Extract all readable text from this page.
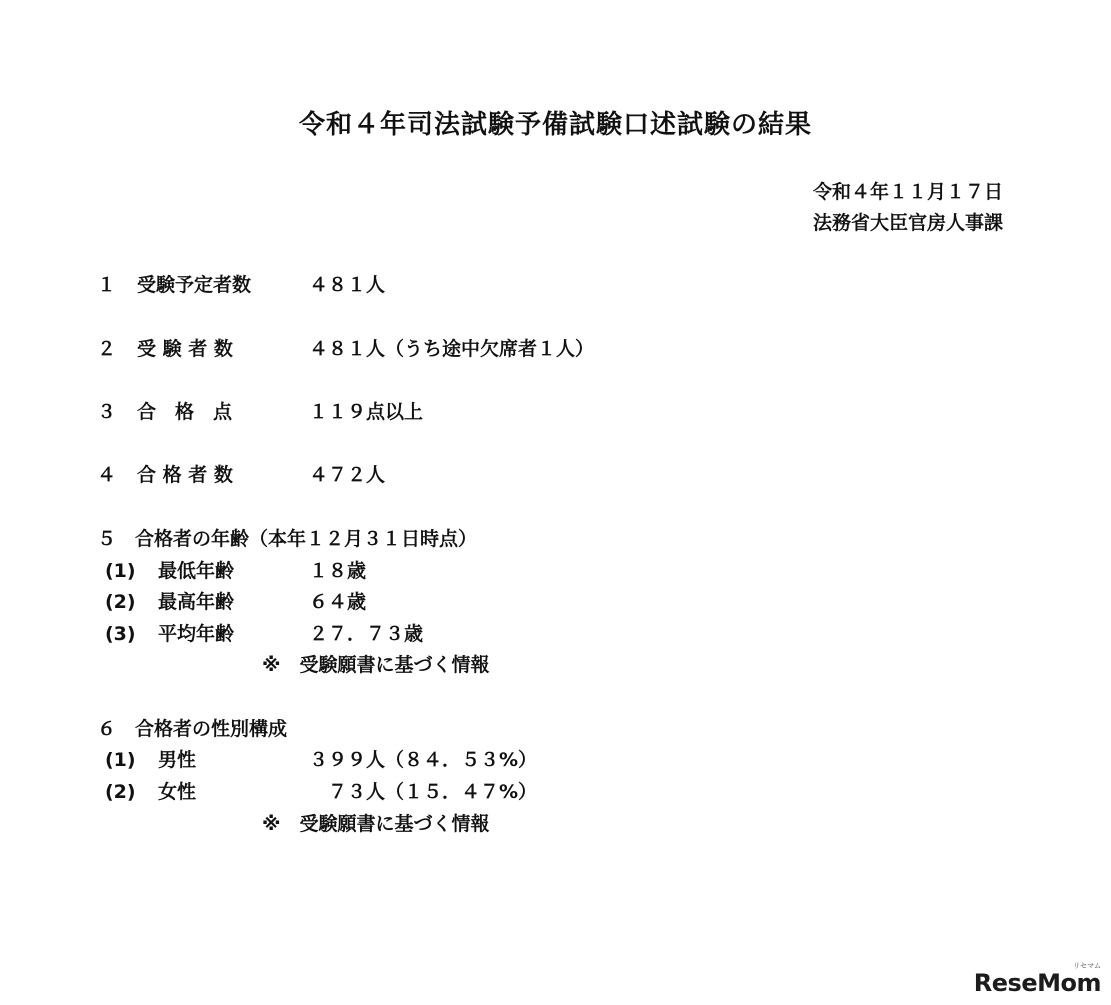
令和４年司法試験予備試験口述試験の結果
令和４年１１月１７日
法務省大臣官房人事課
１ 受験予定者数	４８１人
２ 受 験 者 数	４８１人（うち途中欠席者１人）
３ 合　格　点	１１９点以上
４ 合 格 者 数	４７２人
５　合格者の年齢（本年１２月３１日時点）
(1) 最低年齢	１８歳
(2) 最高年齢	６４歳
(3) 平均年齢	２７．７３歳
※　受験願書に基づく情報
６　合格者の性別構成
(1) 男性	３９９人（８４．５３%）
(2) 女性	　７３人（１５．４７%）
※　受験願書に基づく情報
リセマム
ReseMom
